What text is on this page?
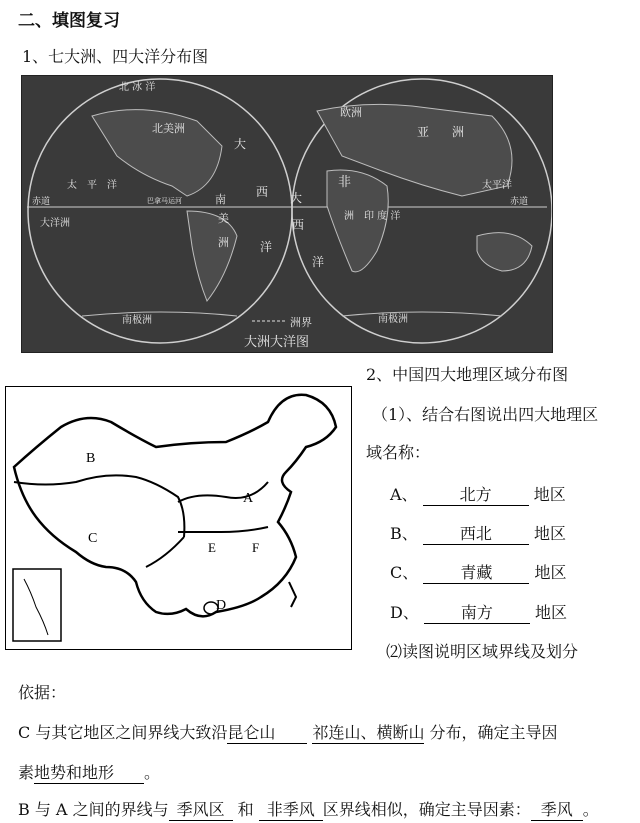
二、填图复习
1、七大洲、四大洋分布图
北 冰 洋
北美洲
大
西
洋
太　平　洋
赤道
大洋洲
巴拿马运河	南
美
洲
南极洲
欧洲
亚 洲
非
大
西
洋
洲　印 度 洋
太平洋
赤道
南极洲
洲界
大洲大洋图
2、中国四大地理区域分布图
B
C
A
E	F
D
（1）、结合右图说出四大地理区
域名称：
A、	北方	地区
B、	西北	地区
C、	青藏	地区
D、	南方	地区
⑵读图说明区域界线及划分
依据：
C 与其它地区之间界线大致沿昆仑山 祁连山、横断山 分布，确定主导因
素地势和地形 。
B 与 A 之间的界线与 季风区 和 非季风 区界线相似，确定主导因素： 季风 。
